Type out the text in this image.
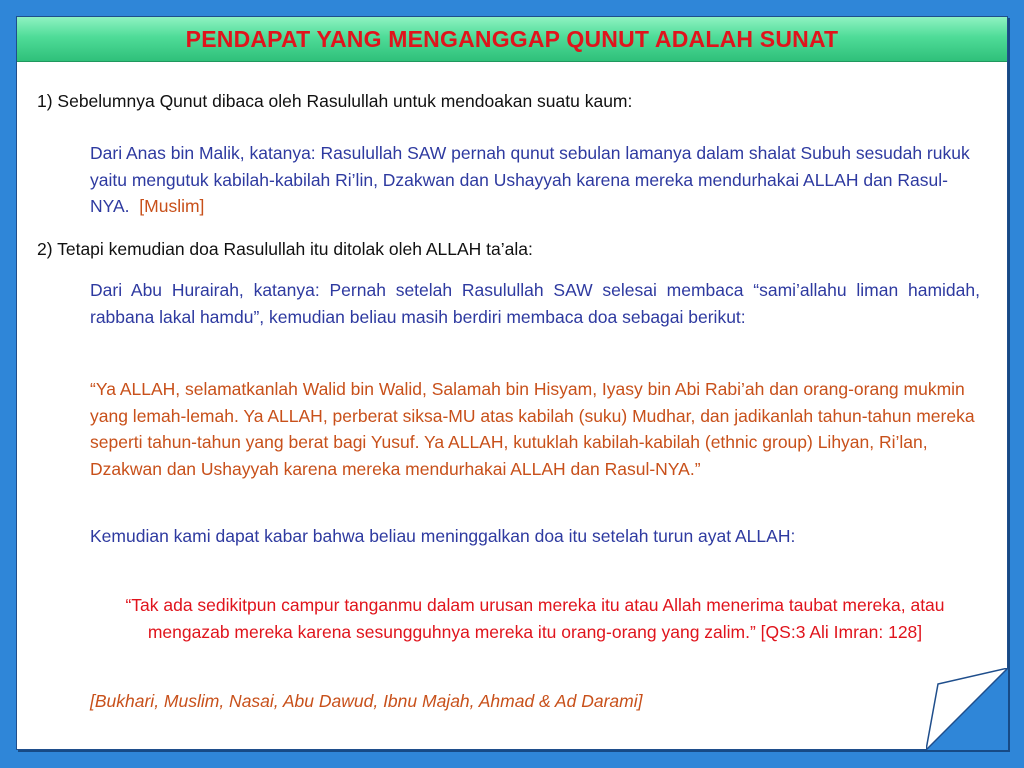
PENDAPAT YANG MENGANGGAP QUNUT ADALAH SUNAT

1) Sebelumnya Qunut dibaca oleh Rasulullah untuk mendoakan suatu kaum:

Dari Anas bin Malik, katanya: Rasulullah SAW pernah qunut sebulan lamanya dalam shalat Subuh sesudah rukuk yaitu mengutuk kabilah-kabilah Ri’lin, Dzakwan dan Ushayyah karena mereka mendurhakai ALLAH dan Rasul-NYA. [Muslim]

2) Tetapi kemudian doa Rasulullah itu ditolak oleh ALLAH ta’ala:

Dari Abu Hurairah, katanya: Pernah setelah Rasulullah SAW selesai membaca “sami’allahu liman hamidah, rabbana lakal hamdu”, kemudian beliau masih berdiri membaca doa sebagai berikut:

“Ya ALLAH, selamatkanlah Walid bin Walid, Salamah bin Hisyam, Iyasy bin Abi Rabi’ah dan orang-orang mukmin yang lemah-lemah. Ya ALLAH, perberat siksa-MU atas kabilah (suku) Mudhar, dan jadikanlah tahun-tahun mereka seperti tahun-tahun yang berat bagi Yusuf. Ya ALLAH, kutuklah kabilah-kabilah (ethnic group) Lihyan, Ri’lan, Dzakwan dan Ushayyah karena mereka mendurhakai ALLAH dan Rasul-NYA.”

Kemudian kami dapat kabar bahwa beliau meninggalkan doa itu setelah turun ayat ALLAH:

“Tak ada sedikitpun campur tanganmu dalam urusan mereka itu atau Allah menerima taubat mereka, atau mengazab mereka karena sesungguhnya mereka itu orang-orang yang zalim.” [QS:3 Ali Imran: 128]

[Bukhari, Muslim, Nasai, Abu Dawud, Ibnu Majah, Ahmad & Ad Darami]
